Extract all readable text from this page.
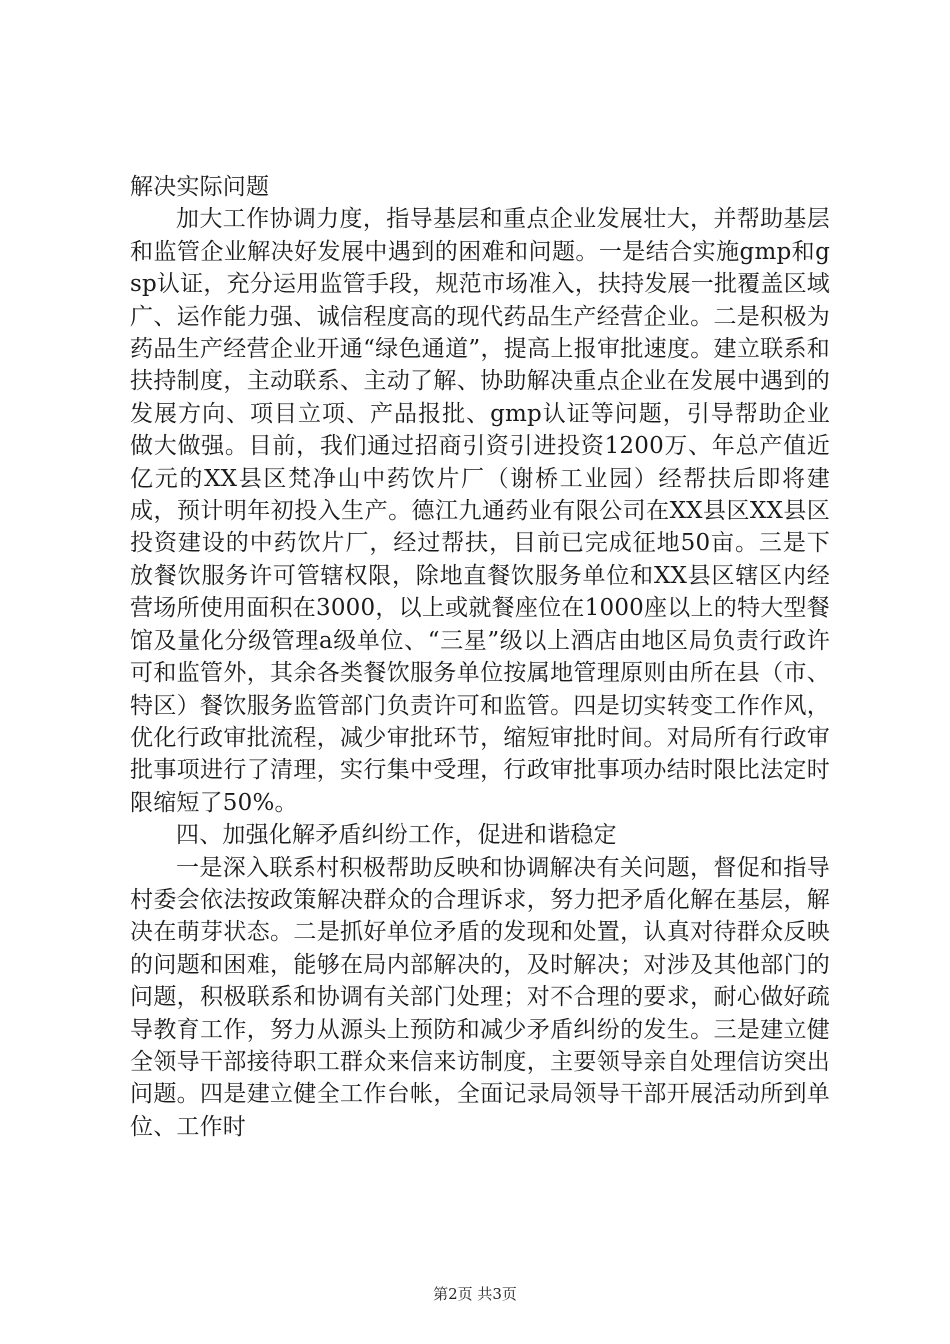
解决实际问题

加大工作协调力度，指导基层和重点企业发展壮大，并帮助基层和监管企业解决好发展中遇到的困难和问题。一是结合实施gmp和gsp认证，充分运用监管手段，规范市场准入，扶持发展一批覆盖区域广、运作能力强、诚信程度高的现代药品生产经营企业。二是积极为药品生产经营企业开通“绿色通道”，提高上报审批速度。建立联系和扶持制度，主动联系、主动了解、协助解决重点企业在发展中遇到的发展方向、项目立项、产品报批、gmp认证等问题，引导帮助企业做大做强。目前，我们通过招商引资引进投资1200万、年总产值近亿元的XX县区梵净山中药饮片厂（谢桥工业园）经帮扶后即将建成，预计明年初投入生产。德江九通药业有限公司在XX县区XX县区投资建设的中药饮片厂，经过帮扶，目前已完成征地50亩。三是下放餐饮服务许可管辖权限，除地直餐饮服务单位和XX县区辖区内经营场所使用面积在3000，以上或就餐座位在1000座以上的特大型餐馆及量化分级管理a级单位、“三星”级以上酒店由地区局负责行政许可和监管外，其余各类餐饮服务单位按属地管理原则由所在县（市、特区）餐饮服务监管部门负责许可和监管。四是切实转变工作作风，优化行政审批流程，减少审批环节，缩短审批时间。对局所有行政审批事项进行了清理，实行集中受理，行政审批事项办结时限比法定时限缩短了50%。

四、加强化解矛盾纠纷工作，促进和谐稳定

一是深入联系村积极帮助反映和协调解决有关问题，督促和指导村委会依法按政策解决群众的合理诉求，努力把矛盾化解在基层，解决在萌芽状态。二是抓好单位矛盾的发现和处置，认真对待群众反映的问题和困难，能够在局内部解决的，及时解决；对涉及其他部门的问题，积极联系和协调有关部门处理；对不合理的要求，耐心做好疏导教育工作，努力从源头上预防和减少矛盾纠纷的发生。三是建立健全领导干部接待职工群众来信来访制度，主要领导亲自处理信访突出问题。四是建立健全工作台帐，全面记录局领导干部开展活动所到单位、工作时

第2页 共3页
